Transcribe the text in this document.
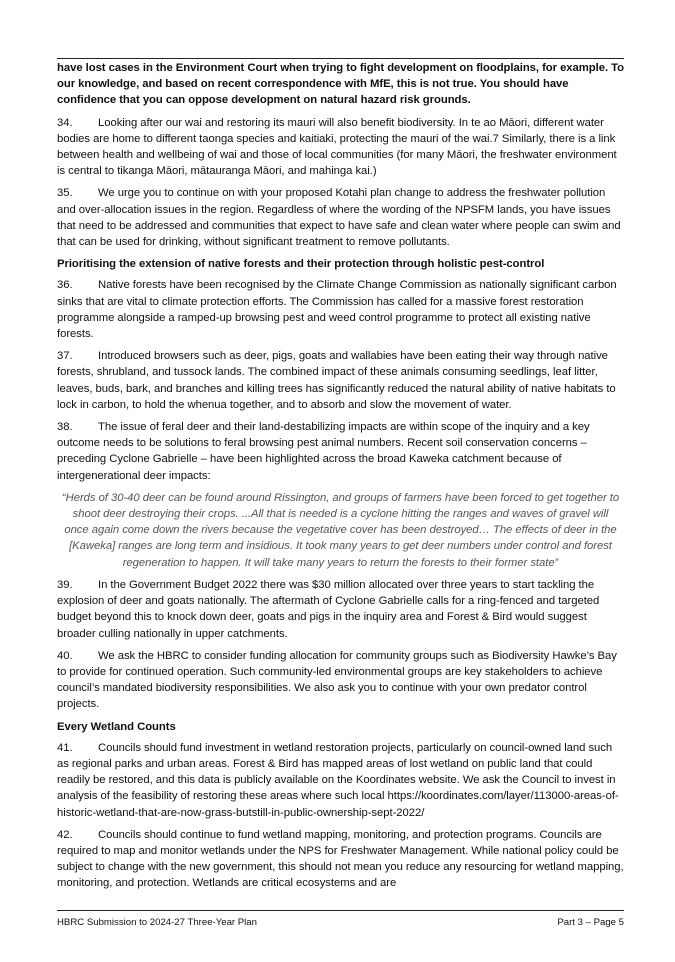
have lost cases in the Environment Court when trying to fight development on floodplains, for example. To our knowledge, and based on recent correspondence with MfE, this is not true. You should have confidence that you can oppose development on natural hazard risk grounds.

34. Looking after our wai and restoring its mauri will also benefit biodiversity. In te ao Māori, different water bodies are home to different taonga species and kaitiaki, protecting the mauri of the wai.7 Similarly, there is a link between health and wellbeing of wai and those of local communities (for many Māori, the freshwater environment is central to tikanga Māori, mātauranga Māori, and mahinga kai.)

35. We urge you to continue on with your proposed Kotahi plan change to address the freshwater pollution and over-allocation issues in the region. Regardless of where the wording of the NPSFM lands, you have issues that need to be addressed and communities that expect to have safe and clean water where people can swim and that can be used for drinking, without significant treatment to remove pollutants.

Prioritising the extension of native forests and their protection through holistic pest-control

36. Native forests have been recognised by the Climate Change Commission as nationally significant carbon sinks that are vital to climate protection efforts. The Commission has called for a massive forest restoration programme alongside a ramped-up browsing pest and weed control programme to protect all existing native forests.

37. Introduced browsers such as deer, pigs, goats and wallabies have been eating their way through native forests, shrubland, and tussock lands. The combined impact of these animals consuming seedlings, leaf litter, leaves, buds, bark, and branches and killing trees has significantly reduced the natural ability of native habitats to lock in carbon, to hold the whenua together, and to absorb and slow the movement of water.

38. The issue of feral deer and their land-destabilizing impacts are within scope of the inquiry and a key outcome needs to be solutions to feral browsing pest animal numbers. Recent soil conservation concerns – preceding Cyclone Gabrielle – have been highlighted across the broad Kaweka catchment because of intergenerational deer impacts:

“Herds of 30-40 deer can be found around Rissington, and groups of farmers have been forced to get together to shoot deer destroying their crops. ...All that is needed is a cyclone hitting the ranges and waves of gravel will once again come down the rivers because the vegetative cover has been destroyed… The effects of deer in the [Kaweka] ranges are long term and insidious. It took many years to get deer numbers under control and forest regeneration to happen. It will take many years to return the forests to their former state”

39. In the Government Budget 2022 there was $30 million allocated over three years to start tackling the explosion of deer and goats nationally. The aftermath of Cyclone Gabrielle calls for a ring-fenced and targeted budget beyond this to knock down deer, goats and pigs in the inquiry area and Forest & Bird would suggest broader culling nationally in upper catchments.

40. We ask the HBRC to consider funding allocation for community groups such as Biodiversity Hawke’s Bay to provide for continued operation. Such community-led environmental groups are key stakeholders to achieve council’s mandated biodiversity responsibilities. We also ask you to continue with your own predator control projects.

Every Wetland Counts

41. Councils should fund investment in wetland restoration projects, particularly on council-owned land such as regional parks and urban areas. Forest & Bird has mapped areas of lost wetland on public land that could readily be restored, and this data is publicly available on the Koordinates website. We ask the Council to invest in analysis of the feasibility of restoring these areas where such local https://koordinates.com/layer/113000-areas-of-historic-wetland-that-are-now-grass-butstill-in-public-ownership-sept-2022/

42. Councils should continue to fund wetland mapping, monitoring, and protection programs. Councils are required to map and monitor wetlands under the NPS for Freshwater Management. While national policy could be subject to change with the new government, this should not mean you reduce any resourcing for wetland mapping, monitoring, and protection. Wetlands are critical ecosystems and are

HBRC Submission to 2024-27 Three-Year Plan	Part 3 – Page 5
